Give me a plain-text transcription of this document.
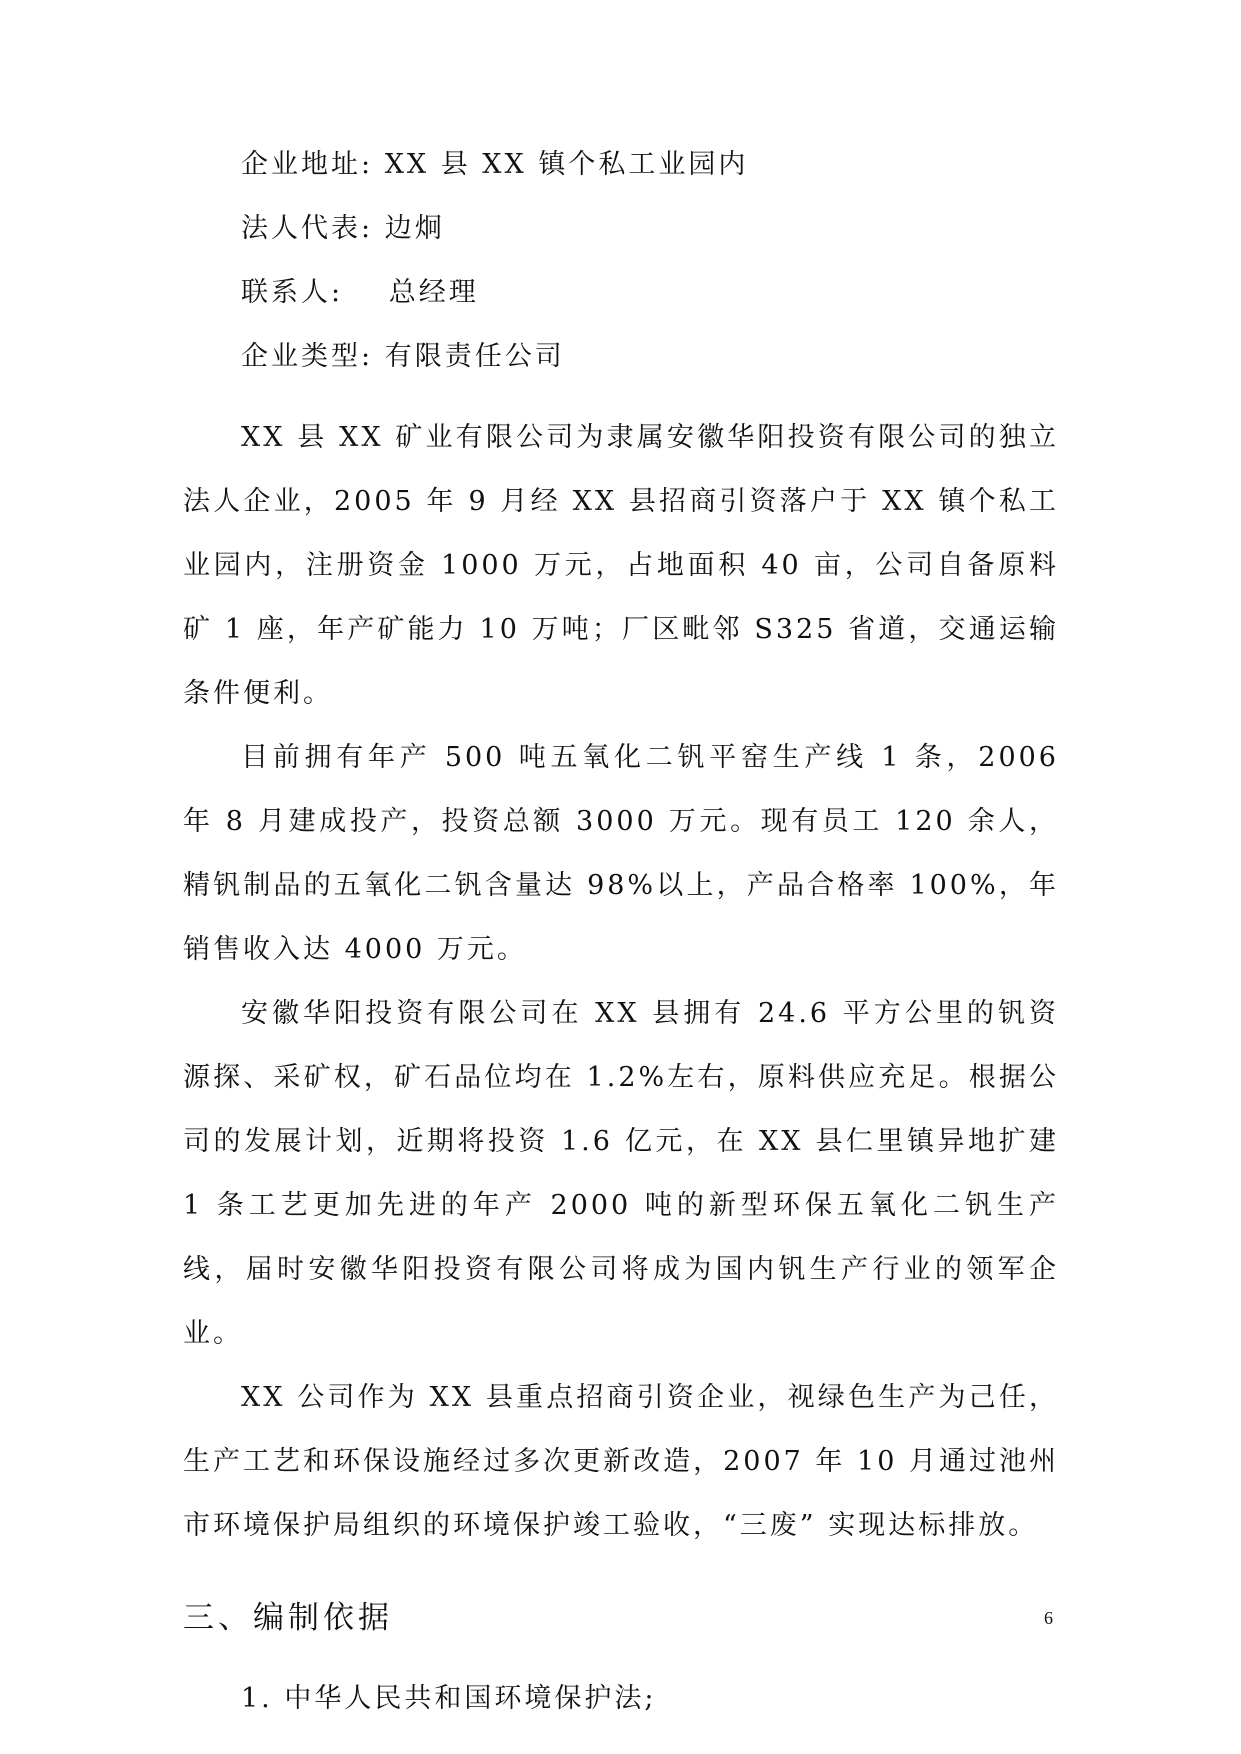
企业地址: XX 县 XX 镇个私工业园内
法人代表: 边炯
联系人: 总经理
企业类型: 有限责任公司

XX 县 XX 矿业有限公司为隶属安徽华阳投资有限公司的独立法人企业，2005 年 9 月经 XX 县招商引资落户于 XX 镇个私工业园内，注册资金 1000 万元，占地面积 40 亩，公司自备原料矿 1 座，年产矿能力 10 万吨；厂区毗邻 S325 省道，交通运输条件便利。

目前拥有年产 500 吨五氧化二钒平窑生产线 1 条，2006 年 8 月建成投产，投资总额 3000 万元。现有员工 120 余人，精钒制品的五氧化二钒含量达 98%以上，产品合格率 100%，年销售收入达 4000 万元。

安徽华阳投资有限公司在 XX 县拥有 24.6 平方公里的钒资源探、采矿权，矿石品位均在 1.2%左右，原料供应充足。根据公司的发展计划，近期将投资 1.6 亿元，在 XX 县仁里镇异地扩建 1 条工艺更加先进的年产 2000 吨的新型环保五氧化二钒生产线，届时安徽华阳投资有限公司将成为国内钒生产行业的领军企业。

XX 公司作为 XX 县重点招商引资企业，视绿色生产为己任，生产工艺和环保设施经过多次更新改造，2007 年 10 月通过池州市环境保护局组织的环境保护竣工验收，“三废” 实现达标排放。

三、编制依据
1. 中华人民共和国环境保护法;
6
